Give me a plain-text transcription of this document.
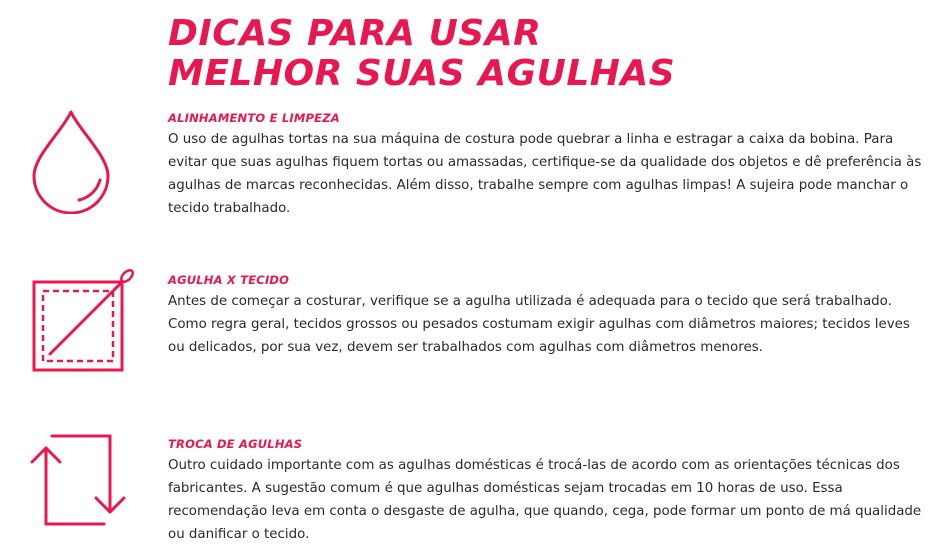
DICAS PARA USAR
MELHOR SUAS AGULHAS
ALINHAMENTO E LIMPEZA

O uso de agulhas tortas na sua máquina de costura pode quebrar a linha e estragar a caixa da bobina. Para evitar que suas agulhas fiquem tortas ou amassadas, certifique-se da qualidade dos objetos e dê preferência às agulhas de marcas reconhecidas. Além disso, trabalhe sempre com agulhas limpas! A sujeira pode manchar o tecido trabalhado.

AGULHA X TECIDO

Antes de começar a costurar, verifique se a agulha utilizada é adequada para o tecido que será trabalhado. Como regra geral, tecidos grossos ou pesados costumam exigir agulhas com diâmetros maiores; tecidos leves ou delicados, por sua vez, devem ser trabalhados com agulhas com diâmetros menores.

TROCA DE AGULHAS

Outro cuidado importante com as agulhas domésticas é trocá-las de acordo com as orientações técnicas dos fabricantes. A sugestão comum é que agulhas domésticas sejam trocadas em 10 horas de uso. Essa recomendação leva em conta o desgaste de agulha, que quando, cega, pode formar um ponto de má qualidade ou danificar o tecido.
